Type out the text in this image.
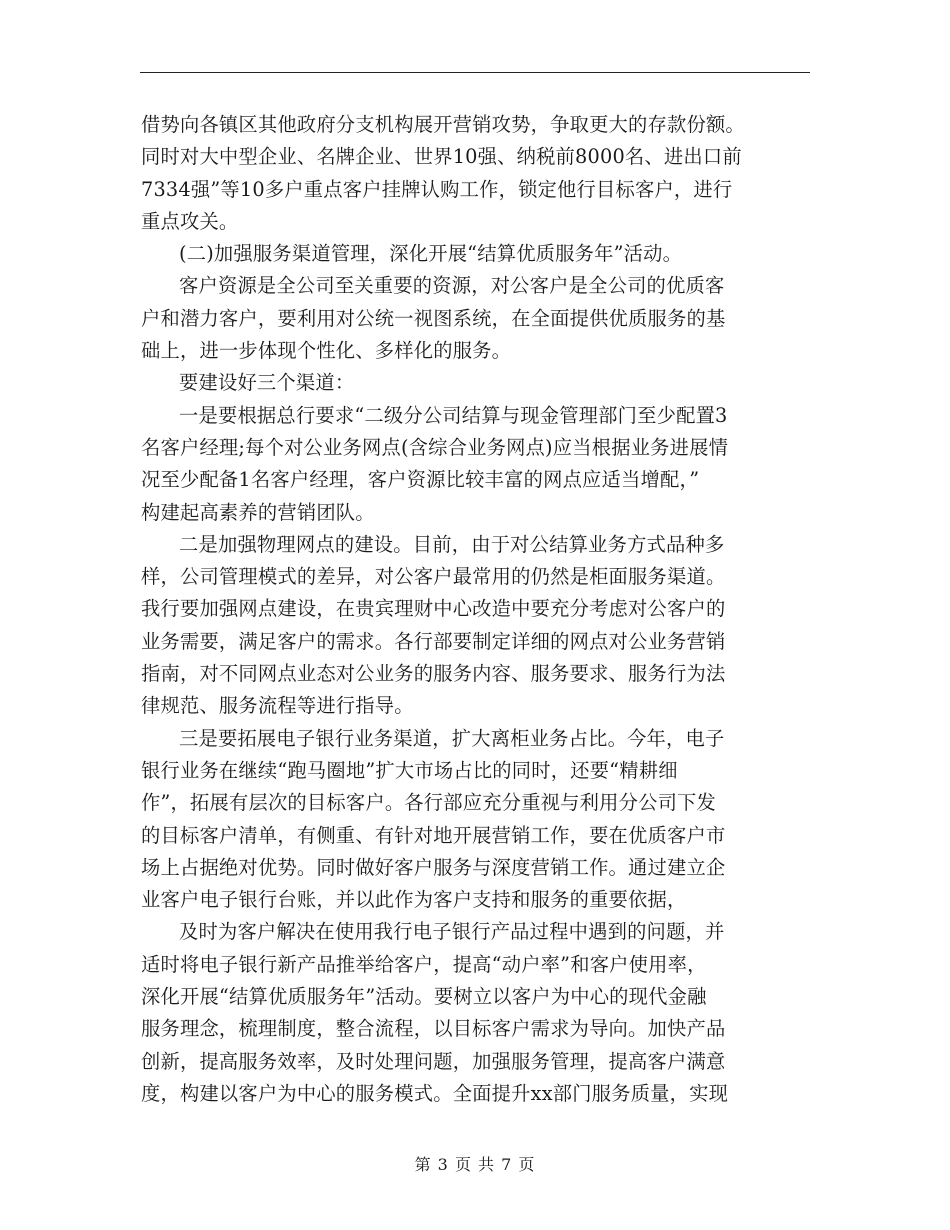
借势向各镇区其他政府分支机构展开营销攻势，争取更大的存款份额。
同时对大中型企业、名牌企业、世界10强、纳税前8000名、进出口前
7334强”等10多户重点客户挂牌认购工作，锁定他行目标客户，进行
重点攻关。
(二)加强服务渠道管理，深化开展“结算优质服务年”活动。
客户资源是全公司至关重要的资源，对公客户是全公司的优质客
户和潜力客户，要利用对公统一视图系统，在全面提供优质服务的基
础上，进一步体现个性化、多样化的服务。
要建设好三个渠道：
一是要根据总行要求“二级分公司结算与现金管理部门至少配置3
名客户经理;每个对公业务网点(含综合业务网点)应当根据业务进展情
况至少配备1名客户经理，客户资源比较丰富的网点应适当增配，”
构建起高素养的营销团队。
二是加强物理网点的建设。目前，由于对公结算业务方式品种多
样，公司管理模式的差异，对公客户最常用的仍然是柜面服务渠道。
我行要加强网点建设，在贵宾理财中心改造中要充分考虑对公客户的
业务需要，满足客户的需求。各行部要制定详细的网点对公业务营销
指南，对不同网点业态对公业务的服务内容、服务要求、服务行为法
律规范、服务流程等进行指导。
三是要拓展电子银行业务渠道，扩大离柜业务占比。今年，电子
银行业务在继续“跑马圈地”扩大市场占比的同时，还要“精耕细
作”，拓展有层次的目标客户。各行部应充分重视与利用分公司下发
的目标客户清单，有侧重、有针对地开展营销工作，要在优质客户市
场上占据绝对优势。同时做好客户服务与深度营销工作。通过建立企
业客户电子银行台账，并以此作为客户支持和服务的重要依据，
及时为客户解决在使用我行电子银行产品过程中遇到的问题，并
适时将电子银行新产品推举给客户，提高“动户率”和客户使用率，
深化开展“结算优质服务年”活动。要树立以客户为中心的现代金融
服务理念，梳理制度，整合流程，以目标客户需求为导向。加快产品
创新，提高服务效率，及时处理问题，加强服务管理，提高客户满意
度，构建以客户为中心的服务模式。全面提升xx部门服务质量，实现
第 3 页 共 7 页
